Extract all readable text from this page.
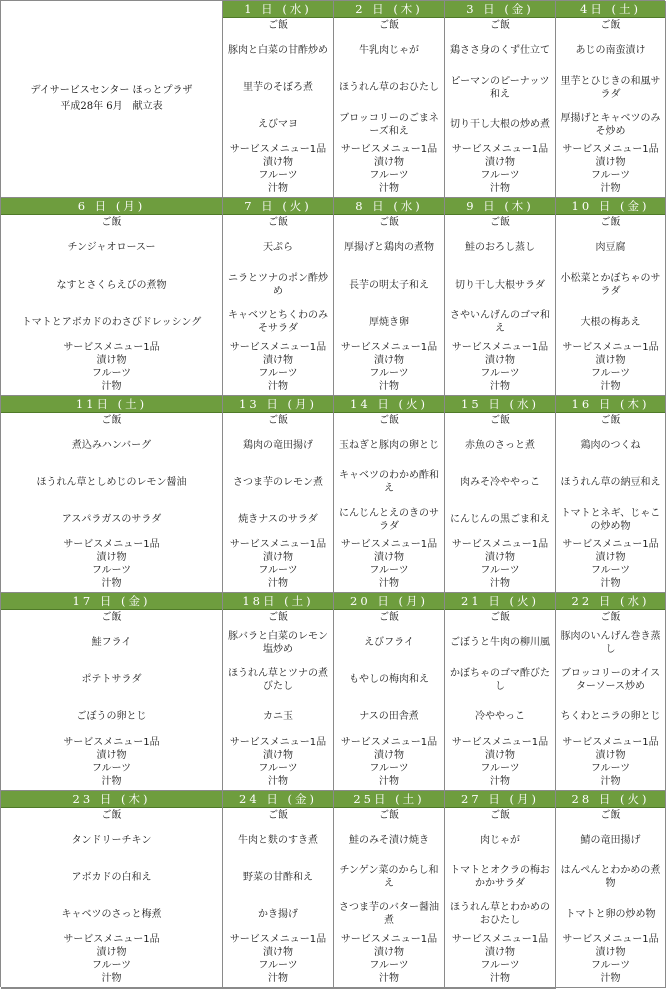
デイサービスセンター ほっとプラザ
平成28年 6月　献立表
1 日 (水)
ご飯
豚肉と白菜の甘酢炒め
里芋のそぼろ煮
えびマヨ
サービスメニュー1品
漬け物
フルーツ
汁物
2 日 (木)
ご飯
牛乳肉じゃが
ほうれん草のおひたし
ブロッコリーのごまネーズ和え
サービスメニュー1品
漬け物
フルーツ
汁物
3 日 (金)
ご飯
鶏ささ身のくず仕立て
ピーマンのピーナッツ和え
切り干し大根の炒め煮
サービスメニュー1品
漬け物
フルーツ
汁物
4日 (土)
ご飯
あじの南蛮漬け
里芋とひじきの和風サラダ
厚揚げとキャベツのみそ炒め
サービスメニュー1品
漬け物
フルーツ
汁物
6 日 (月)
ご飯
チンジャオロースー
なすとさくらえびの煮物
トマトとアボカドのわさびドレッシング
サービスメニュー1品
漬け物
フルーツ
汁物
7 日 (火)
ご飯
天ぷら
ニラとツナのポン酢炒め
キャベツとちくわのみそサラダ
サービスメニュー1品
漬け物
フルーツ
汁物
8 日 (水)
ご飯
厚揚げと鶏肉の煮物
長芋の明太子和え
厚焼き卵
サービスメニュー1品
漬け物
フルーツ
汁物
9 日 (木)
ご飯
鮭のおろし蒸し
切り干し大根サラダ
さやいんげんのゴマ和え
サービスメニュー1品
漬け物
フルーツ
汁物
10 日 (金)
ご飯
肉豆腐
小松菜とかぼちゃのサラダ
大根の梅あえ
サービスメニュー1品
漬け物
フルーツ
汁物
11日 (土)
ご飯
煮込みハンバーグ
ほうれん草としめじのレモン醤油
アスパラガスのサラダ
サービスメニュー1品
漬け物
フルーツ
汁物
13 日 (月)
ご飯
鶏肉の竜田揚げ
さつま芋のレモン煮
焼きナスのサラダ
サービスメニュー1品
漬け物
フルーツ
汁物
14 日 (火)
ご飯
玉ねぎと豚肉の卵とじ
キャベツのわかめ酢和え
にんじんとえのきのサラダ
サービスメニュー1品
漬け物
フルーツ
汁物
15 日 (水)
ご飯
赤魚のさっと煮
肉みそ冷ややっこ
にんじんの黒ごま和え
サービスメニュー1品
漬け物
フルーツ
汁物
16 日 (木)
ご飯
鶏肉のつくね
ほうれん草の納豆和え
トマトとネギ、じゃこの炒め物
サービスメニュー1品
漬け物
フルーツ
汁物
17 日 (金)
ご飯
鮭フライ
ポテトサラダ
ごぼうの卵とじ
サービスメニュー1品
漬け物
フルーツ
汁物
18日 (土)
ご飯
豚バラと白菜のレモン塩炒め
ほうれん草とツナの煮びたし
カニ玉
サービスメニュー1品
漬け物
フルーツ
汁物
20 日 (月)
ご飯
えびフライ
もやしの梅肉和え
ナスの田舎煮
サービスメニュー1品
漬け物
フルーツ
汁物
21 日 (火)
ご飯
ごぼうと牛肉の柳川風
かぼちゃのゴマ酢びたし
冷ややっこ
サービスメニュー1品
漬け物
フルーツ
汁物
22 日 (水)
ご飯
豚肉のいんげん巻き蒸し
ブロッコリーのオイスターソース炒め
ちくわとニラの卵とじ
サービスメニュー1品
漬け物
フルーツ
汁物
23 日 (木)
ご飯
タンドリーチキン
アボカドの白和え
キャベツのさっと梅煮
サービスメニュー1品
漬け物
フルーツ
汁物
24 日 (金)
ご飯
牛肉と麩のすき煮
野菜の甘酢和え
かき揚げ
サービスメニュー1品
漬け物
フルーツ
汁物
25日 (土)
ご飯
鮭のみそ漬け焼き
チンゲン菜のからし和え
さつま芋のバター醤油煮
サービスメニュー1品
漬け物
フルーツ
汁物
27 日 (月)
ご飯
肉じゃが
トマトとオクラの梅おかかサラダ
ほうれん草とわかめのおひたし
サービスメニュー1品
漬け物
フルーツ
汁物
28 日 (火)
ご飯
鯖の竜田揚げ
はんぺんとわかめの煮物
トマトと卵の炒め物
サービスメニュー1品
漬け物
フルーツ
汁物
